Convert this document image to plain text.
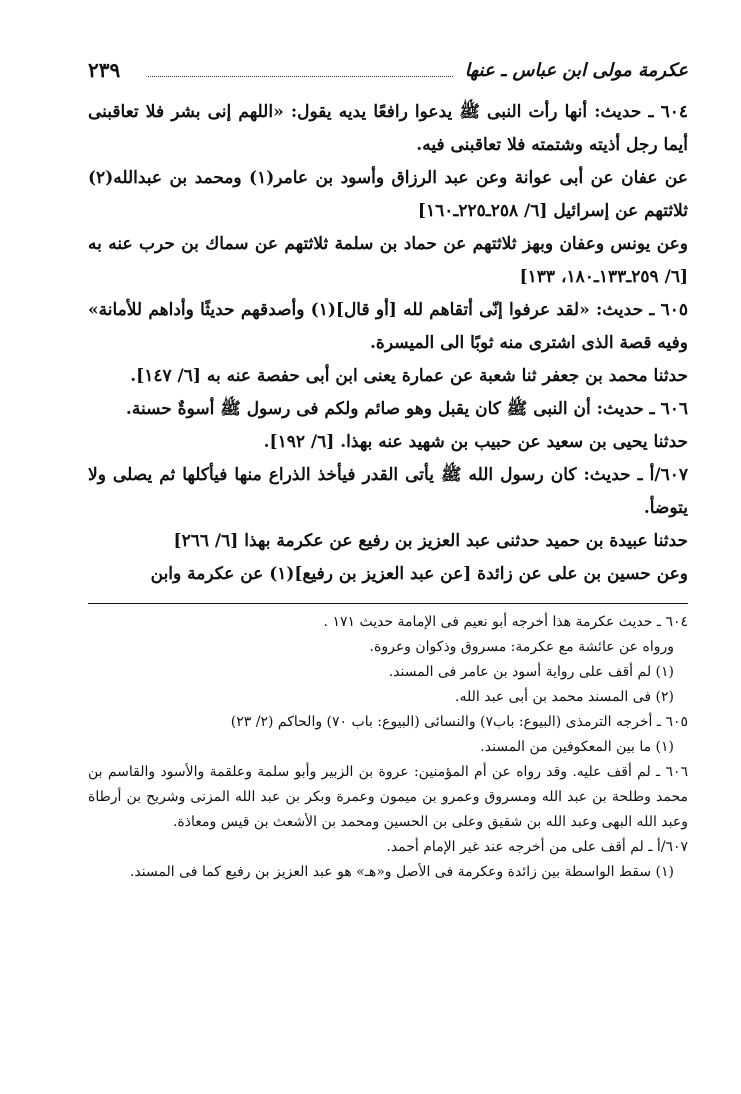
عكرمة مولى ابن عباس ـ عنها
٢٣٩

٦٠٤ ـ حديث: أنها رأت النبى ﷺ يدعوا رافعًا يديه يقول: «اللهم إنى بشر فلا تعاقبنى أيما رجل أذيته وشتمته فلا تعاقبنى فيه.

عن عفان عن أبى عوانة وعن عبد الرزاق وأسود بن عامر(١) ومحمد بن عبدالله(٢) ثلاثتهم عن إسرائيل [٦/ ٢٥٨ـ٢٢٥ـ١٦٠]

وعن يونس وعفان وبهز ثلاثتهم عن حماد بن سلمة ثلاثتهم عن سماك بن حرب عنه به [٦/ ٢٥٩ـ١٣٣ـ١٨٠، ١٣٣]

٦٠٥ ـ حديث: «لقد عرفوا إنّى أتقاهم لله [أو قال](١) وأصدقهم حديثًا وأداهم للأمانة» وفيه قصة الذى اشترى منه ثوبًا الى الميسرة.

حدثنا محمد بن جعفر ثنا شعبة عن عمارة يعنى ابن أبى حفصة عنه به [٦/ ١٤٧].

٦٠٦ ـ حديث: أن النبى ﷺ كان يقبل وهو صائم ولكم فى رسول ﷺ أسوةٌ حسنة.

حدثنا يحيى بن سعيد عن حبيب بن شهيد عنه بهذا. [٦/ ١٩٢].

٦٠٧/أ ـ حديث: كان رسول الله ﷺ يأتى القدر فيأخذ الذراع منها فيأكلها ثم يصلى ولا يتوضأ.

حدثنا عبيدة بن حميد حدثنى عبد العزيز بن رفيع عن عكرمة بهذا [٦/ ٢٦٦]

وعن حسين بن على عن زائدة [عن عبد العزيز بن رفيع](١) عن عكرمة وابن

٦٠٤ ـ حديث عكرمة هذا أخرجه أبو نعيم فى الإمامة حديث ١٧١ .

ورواه عن عائشة مع عكرمة: مسروق وذكوان وعروة.

(١) لم أقف على رواية أسود بن عامر فى المسند.

(٢) فى المسند محمد بن أبى عبد الله.

٦٠٥ ـ أخرجه الترمذى (البيوع: باب٧) والنسائى (البيوع: باب ٧٠) والحاكم (٢/ ٢٣)

(١) ما بين المعكوفين من المسند.

٦٠٦ ـ لم أقف عليه. وقد رواه عن أم المؤمنين: عروة بن الزبير وأبو سلمة وعلقمة والأسود والقاسم بن محمد وطلحة بن عبد الله ومسروق وعمرو بن ميمون وعمرة وبكر بن عبد الله المزنى وشريح بن أرطاة وعبد الله البهى وعبد الله بن شقيق وعلى بن الحسين ومحمد بن الأشعث بن قيس ومعاذة.

٦٠٧/أ ـ لم أقف على من أخرجه عند غير الإمام أحمد.

(١) سقط الواسطة بين زائدة وعكرمة فى الأصل و«هـ» هو عبد العزيز بن رفيع كما فى المسند.
